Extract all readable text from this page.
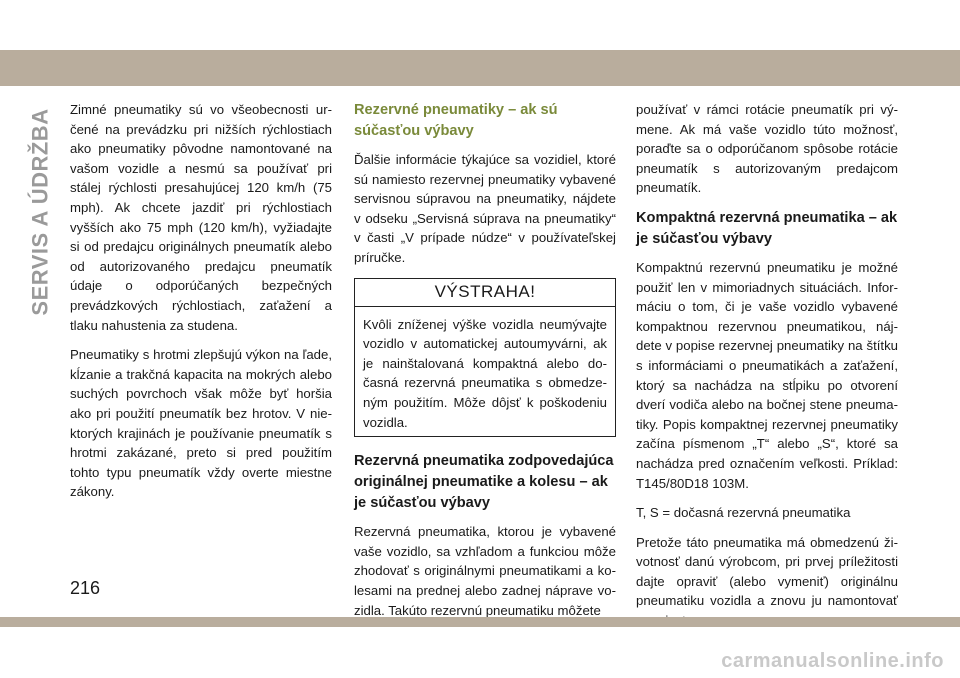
SERVIS A ÚDRŽBA Zimné pneumatiky sú vo všeobecnosti určené na prevádzku pri nižších rýchlostiach ako pneumatiky pôvodne namontované na vašom vozidle a nesmú sa používať pri stálej rýchlosti presahujúcej 120 km/h (75 mph). Ak chcete jazdiť pri rýchlostiach vyšších ako 75 mph (120 km/h), vyžiadajte si od predajcu originálnych pneumatík alebo od autorizovaného predajcu pneumatík údaje o odporúčaných bezpečných prevádzkových rýchlostiach, zaťažení a tlaku nahustenia za studena.

Pneumatiky s hrotmi zlepšujú výkon na ľade, kĺzanie a trakčná kapacita na mokrých alebo suchých povrchoch však môže byť horšia ako pri použití pneumatík bez hrotov. V niektorých krajinách je používanie pneumatík s hrotmi zakázané, preto si pred použitím tohto typu pneumatík vždy overte miestne zákony.

Rezervné pneumatiky – ak sú súčasťou výbavy

Ďalšie informácie týkajúce sa vozidiel, ktoré sú namiesto rezervnej pneumatiky vybavené servisnou súpravou na pneumatiky, nájdete v odseku „Servisná súprava na pneumatiky“ v časti „V prípade núdze“ v používateľskej príručke.

VÝSTRAHA!

Kvôli zníženej výške vozidla neumývajte vozidlo v automatickej autoumyvárni, ak je nainštalovaná kompaktná alebo dočasná rezervná pneumatika s obmedzeným použitím. Môže dôjsť k poškodeniu vozidla.

Rezervná pneumatika zodpovedajúca originálnej pneumatike a kolesu – ak je súčasťou výbavy

Rezervná pneumatika, ktorou je vybavené vaše vozidlo, sa vzhľadom a funkciou môže zhodovať s originálnymi pneumatikami a kolesami na prednej alebo zadnej náprave vozidla. Takúto rezervnú pneumatiku môžete

používať v rámci rotácie pneumatík pri výmene. Ak má vaše vozidlo túto možnosť, poraďte sa o odporúčanom spôsobe rotácie pneumatík s autorizovaným predajcom pneumatík.

Kompaktná rezervná pneumatika – ak je súčasťou výbavy

Kompaktnú rezervnú pneumatiku je možné použiť len v mimoriadnych situáciách. Informáciu o tom, či je vaše vozidlo vybavené kompaktnou rezervnou pneumatikou, nájdete v popise rezervnej pneumatiky na štítku s informáciami o pneumatikách a zaťažení, ktorý sa nachádza na stĺpiku po otvorení dverí vodiča alebo na bočnej stene pneumatiky. Popis kompaktnej rezervnej pneumatiky začína písmenom „T“ alebo „S“, ktoré sa nachádza pred označením veľkosti. Príklad: T145/80D18 103M.

T, S = dočasná rezervná pneumatika

Pretože táto pneumatika má obmedzenú životnosť danú výrobcom, pri prvej príležitosti dajte opraviť (alebo vymeniť) originálnu pneumatiku vozidla a znovu ju namontovať

216
carmanualsonline.info
